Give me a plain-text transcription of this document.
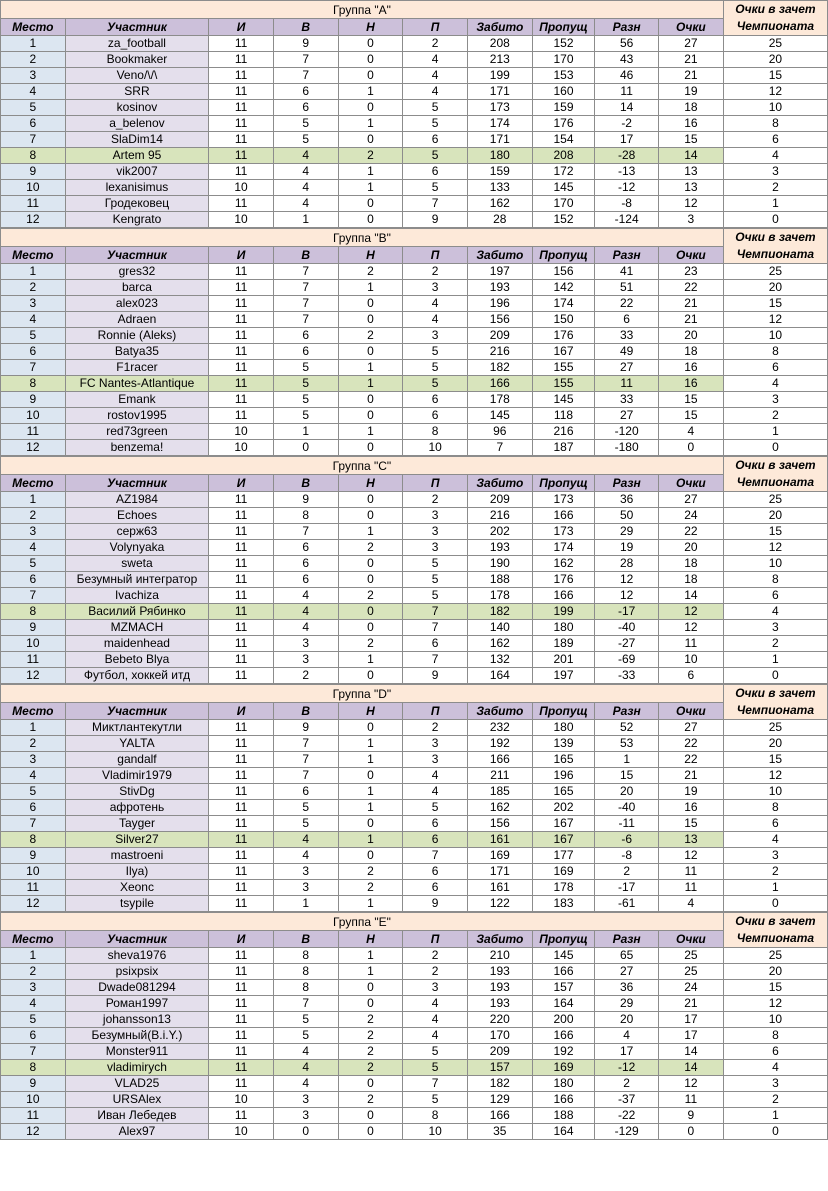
Группа "A"										Очки в зачет Чемпионата
Место	Участник	И	В	Н	П	Забито	Пропущ	Разн	Очки	
1	za_football	11	9	0	2	208	152	56	27	25
2	Bookmaker	11	7	0	4	213	170	43	21	20
3	Veno/\/\	11	7	0	4	199	153	46	21	15
4	SRR	11	6	1	4	171	160	11	19	12
5	kosinov	11	6	0	5	173	159	14	18	10
6	a_belenov	11	5	1	5	174	176	-2	16	8
7	SlaDim14	11	5	0	6	171	154	17	15	6
8	Artem 95	11	4	2	5	180	208	-28	14	4
9	vik2007	11	4	1	6	159	172	-13	13	3
10	lexanisimus	10	4	1	5	133	145	-12	13	2
11	Гродековец	11	4	0	7	162	170	-8	12	1
12	Kengrato	10	1	0	9	28	152	-124	3	0
Группа "B"										Очки в зачет Чемпионата
Место	Участник	И	В	Н	П	Забито	Пропущ	Разн	Очки	
1	gres32	11	7	2	2	197	156	41	23	25
2	barca	11	7	1	3	193	142	51	22	20
3	alex023	11	7	0	4	196	174	22	21	15
4	Adraen	11	7	0	4	156	150	6	21	12
5	Ronnie (Aleks)	11	6	2	3	209	176	33	20	10
6	Batya35	11	6	0	5	216	167	49	18	8
7	F1racer	11	5	1	5	182	155	27	16	6
8	FC Nantes-Atlantique	11	5	1	5	166	155	11	16	4
9	Emank	11	5	0	6	178	145	33	15	3
10	rostov1995	11	5	0	6	145	118	27	15	2
11	red73green	10	1	1	8	96	216	-120	4	1
12	benzema!	10	0	0	10	7	187	-180	0	0
Группа "C"										Очки в зачет Чемпионата
Место	Участник	И	В	Н	П	Забито	Пропущ	Разн	Очки	
1	AZ1984	11	9	0	2	209	173	36	27	25
2	Echoes	11	8	0	3	216	166	50	24	20
3	серж63	11	7	1	3	202	173	29	22	15
4	Volynyaka	11	6	2	3	193	174	19	20	12
5	sweta	11	6	0	5	190	162	28	18	10
6	Безумный интегратор	11	6	0	5	188	176	12	18	8
7	Ivachiza	11	4	2	5	178	166	12	14	6
8	Василий Рябинко	11	4	0	7	182	199	-17	12	4
9	MZMACH	11	4	0	7	140	180	-40	12	3
10	maidenhead	11	3	2	6	162	189	-27	11	2
11	Bebeto Blya	11	3	1	7	132	201	-69	10	1
12	Футбол, хоккей итд	11	2	0	9	164	197	-33	6	0
Группа "D"										Очки в зачет Чемпионата
Место	Участник	И	В	Н	П	Забито	Пропущ	Разн	Очки	
1	Миктлантекутли	11	9	0	2	232	180	52	27	25
2	YALTA	11	7	1	3	192	139	53	22	20
3	gandalf	11	7	1	3	166	165	1	22	15
4	Vladimir1979	11	7	0	4	211	196	15	21	12
5	StivDg	11	6	1	4	185	165	20	19	10
6	афротень	11	5	1	5	162	202	-40	16	8
7	Tayger	11	5	0	6	156	167	-11	15	6
8	Silver27	11	4	1	6	161	167	-6	13	4
9	mastroeni	11	4	0	7	169	177	-8	12	3
10	Ilya)	11	3	2	6	171	169	2	11	2
11	Xeonc	11	3	2	6	161	178	-17	11	1
12	tsypile	11	1	1	9	122	183	-61	4	0
Группа "E"										Очки в зачет Чемпионата
Место	Участник	И	В	Н	П	Забито	Пропущ	Разн	Очки	
1	sheva1976	11	8	1	2	210	145	65	25	25
2	psixpsix	11	8	1	2	193	166	27	25	20
3	Dwade081294	11	8	0	3	193	157	36	24	15
4	Роман1997	11	7	0	4	193	164	29	21	12
5	johansson13	11	5	2	4	220	200	20	17	10
6	Безумный(B.i.Y.)	11	5	2	4	170	166	4	17	8
7	Monster911	11	4	2	5	209	192	17	14	6
8	vladimirych	11	4	2	5	157	169	-12	14	4
9	VLAD25	11	4	0	7	182	180	2	12	3
10	URSAlex	10	3	2	5	129	166	-37	11	2
11	Иван Лебедев	11	3	0	8	166	188	-22	9	1
12	Alex97	10	0	0	10	35	164	-129	0	0
